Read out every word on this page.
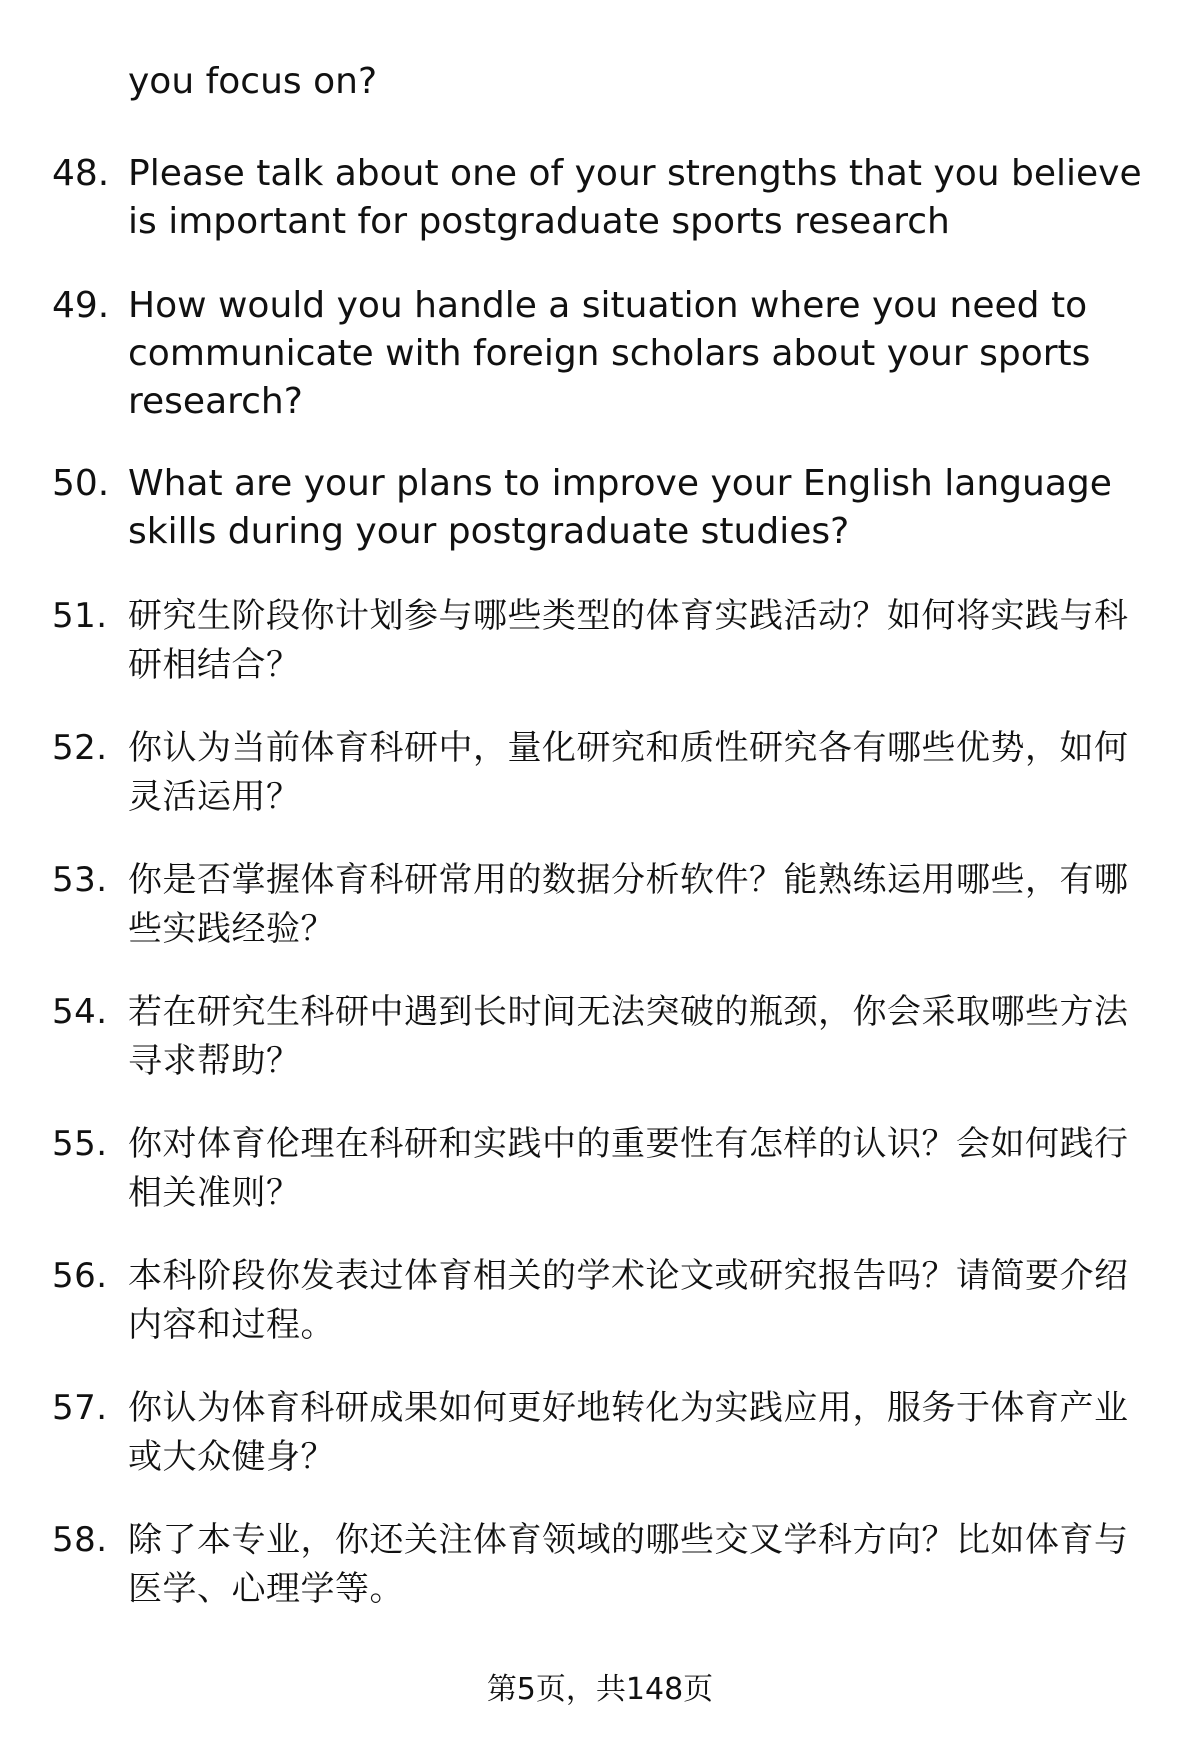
you focus on?
48. Please talk about one of your strengths that you believe is important for postgraduate sports research
49. How would you handle a situation where you need to communicate with foreign scholars about your sports research?
50. What are your plans to improve your English language skills during your postgraduate studies?
51. 研究生阶段你计划参与哪些类型的体育实践活动？如何将实践与科研相结合？
52. 你认为当前体育科研中，量化研究和质性研究各有哪些优势，如何灵活运用？
53. 你是否掌握体育科研常用的数据分析软件？能熟练运用哪些，有哪些实践经验？
54. 若在研究生科研中遇到长时间无法突破的瓶颈，你会采取哪些方法寻求帮助？
55. 你对体育伦理在科研和实践中的重要性有怎样的认识？会如何践行相关准则？
56. 本科阶段你发表过体育相关的学术论文或研究报告吗？请简要介绍内容和过程。
57. 你认为体育科研成果如何更好地转化为实践应用，服务于体育产业或大众健身？
58. 除了本专业，你还关注体育领域的哪些交叉学科方向？比如体育与医学、心理学等。
第5页，共148页
